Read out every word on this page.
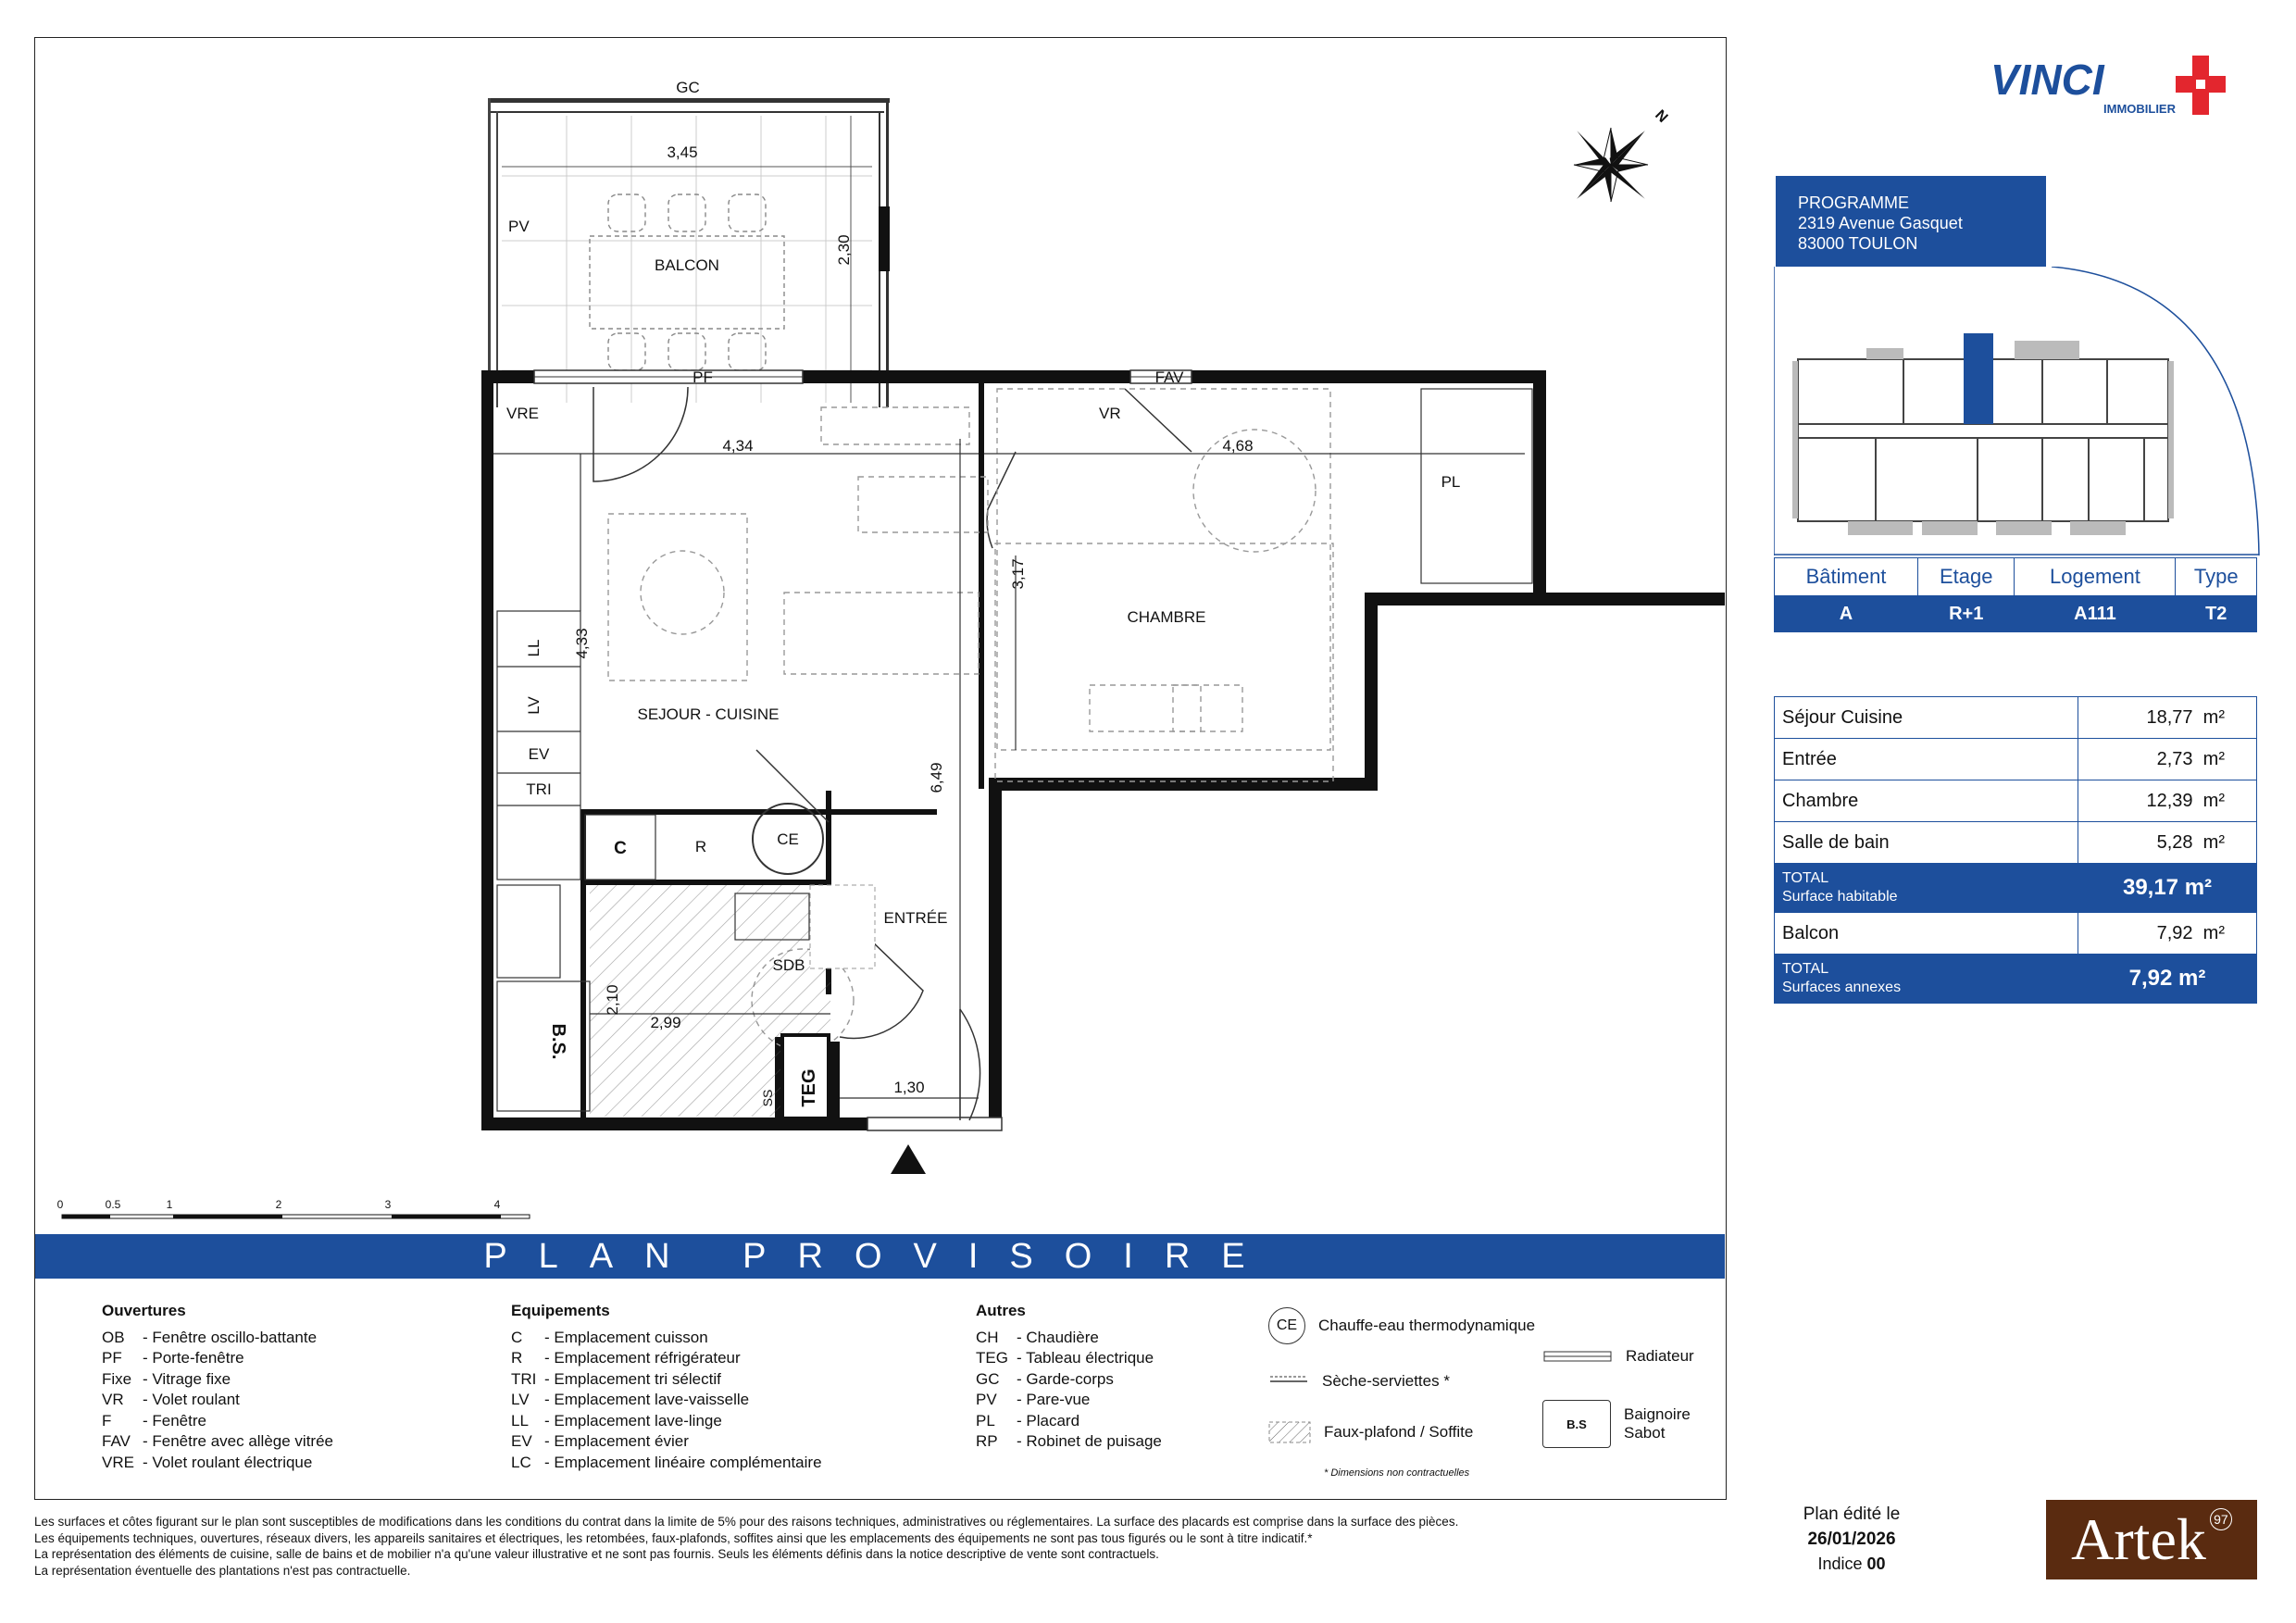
GC
PV
3,45
2,30
BALCON
PF	FAV
VRE	VR
4,34	4,68
PL
3,17
CHAMBRE
4,33
LL
LV
EV
TRI
SEJOUR - CUISINE
6,49
C	R	CE
ENTRÉE
SDB
2,10
2,99
B.S.
TEG
SS
1,30
N
0	0.5	1	2	3	4
PLAN PROVISOIRE
Ouvertures
OB - Fenêtre oscillo-battante
PF - Porte-fenêtre
Fixe - Vitrage fixe
VR - Volet roulant
F - Fenêtre
FAV - Fenêtre avec allège vitrée
VRE - Volet roulant électrique
Equipements
C - Emplacement cuisson
R - Emplacement réfrigérateur
TRI - Emplacement tri sélectif
LV - Emplacement lave-vaisselle
LL - Emplacement lave-linge
EV - Emplacement évier
LC - Emplacement linéaire complémentaire
Autres
CH - Chaudière
TEG - Tableau électrique
GC - Garde-corps
PV - Pare-vue
PL - Placard
RP - Robinet de puisage
CE	Chauffe-eau thermodynamique
Sèche-serviettes *
Faux-plafond / Soffite
Radiateur
B.S
Baignoire
Sabot
* Dimensions non contractuelles
VINCI
IMMOBILIER
PROGRAMME
2319 Avenue Gasquet
83000 TOULON
Bâtiment	Etage	Logement	Type
A	R+1	A111	T2
Séjour Cuisine	18,77 m²
Entrée	2,73 m²
Chambre	12,39 m²
Salle de bain	5,28 m²
TOTAL
Surface habitable	39,17 m²
Balcon	7,92 m²
TOTAL
Surfaces annexes	7,92 m²
Les surfaces et côtes figurant sur le plan sont susceptibles de modifications dans les conditions du contrat dans la limite de 5% pour des raisons techniques, administratives ou réglementaires. La surface des placards est comprise dans la surface des pièces.
Les équipements techniques, ouvertures, réseaux divers, les appareils sanitaires et électriques, les retombées, faux-plafonds, soffites ainsi que les emplacements des équipements ne sont pas tous figurés ou le sont à titre indicatif.*
La représentation des éléments de cuisine, salle de bains et de mobilier n'a qu'une valeur illustrative et ne sont pas fournis. Seuls les éléments définis dans la notice descriptive de vente sont contractuels.
La représentation éventuelle des plantations n'est pas contractuelle.
Plan édité le
26/01/2026
Indice 00	Artek 97
